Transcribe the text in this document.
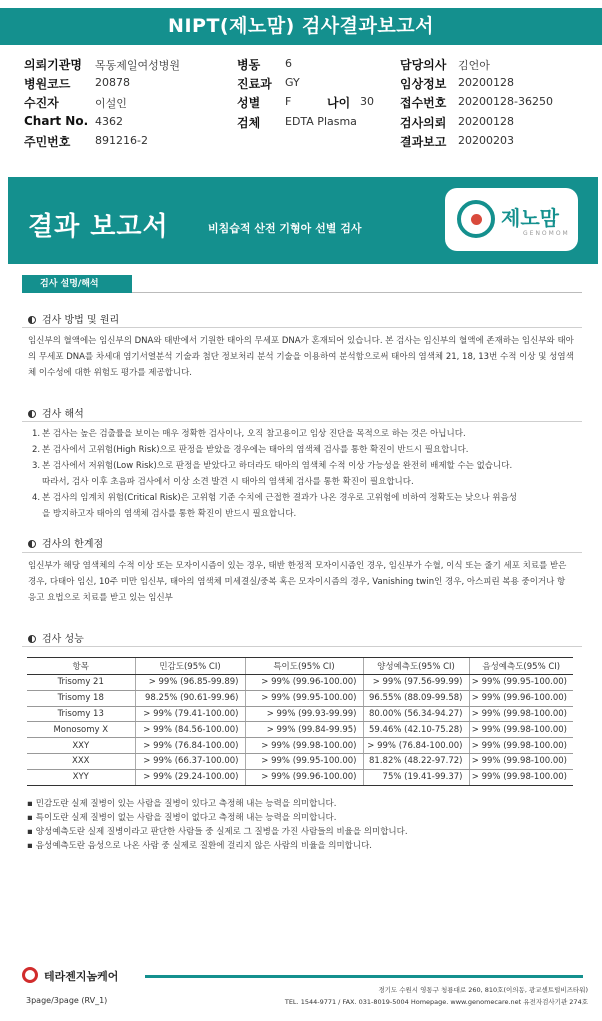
NIPT(제노맘) 검사결과보고서
의뢰기관명 목동제일여성병원
병원코드 20878
수진자	이설인
Chart No. 4362
주민번호 891216-2
병동 6
진료과 GY
성별 F
검체 EDTA Plasma
나이 30
담당의사 김언아
임상정보 20200128
접수번호 20200128-36250
검사의뢰 20200128
결과보고 20200203
결과 보고서	비침습적 산전 기형아 선별 검사	제노맘
GENOMOM
검사 설명/해석
검사 방법 및 원리
임신부의 혈액에는 임신부의 DNA와 태반에서 기원한 태아의 무세포 DNA가 혼재되어 있습니다. 본 검사는 임신부의 혈액에 존재하는 임신부와 태아의 무세포 DNA를 차세대 염기서열분석 기술과 첨단 정보처리 분석 기술을 이용하여 분석함으로써 태아의 염색체 21, 18, 13번 수적 이상 및 성염색체 이수성에 대한 위험도 평가를 제공합니다.
검사 해석
1. 본 검사는 높은 검출률을 보이는 매우 정확한 검사이나, 오직 참고용이고 임상 진단을 목적으로 하는 것은 아닙니다.
2. 본 검사에서 고위험(High Risk)으로 판정을 받았을 경우에는 태아의 염색체 검사를 통한 확진이 반드시 필요합니다.
3. 본 검사에서 저위험(Low Risk)으로 판정을 받았다고 하더라도 태아의 염색체 수적 이상 가능성을 완전히 배제할 수는 없습니다.
따라서, 검사 이후 초음파 검사에서 이상 소견 발견 시 태아의 염색체 검사를 통한 확진이 필요합니다.
4. 본 검사의 임계치 위험(Critical Risk)은 고위험 기준 수치에 근접한 결과가 나온 경우로 고위험에 비하여 정확도는 낮으나 위음성
을 방지하고자 태아의 염색체 검사를 통한 확진이 반드시 필요합니다.
검사의 한계점
임신부가 해당 염색체의 수적 이상 또는 모자이시즘이 있는 경우, 태반 한정적 모자이시즘인 경우, 임신부가 수혈, 이식 또는 줄기 세포 치료를 받은 경우, 다태아 임신, 10주 미만 임신부, 태아의 염색체 미세결실/중복 혹은 모자이시즘의 경우, Vanishing twin인 경우, 아스피린 복용 중이거나 항 응고 요법으로 치료를 받고 있는 임신부
검사 성능
항목	민감도(95% CI)	특이도(95% CI)	양성예측도(95% CI)	음성예측도(95% CI)
Trisomy 21	> 99% (96.85-99.89)	> 99% (99.96-100.00)	> 99% (97.56-99.99)	> 99% (99.95-100.00)
Trisomy 18	98.25% (90.61-99.96)	> 99% (99.95-100.00)	96.55% (88.09-99.58)	> 99% (99.96-100.00)
Trisomy 13	> 99% (79.41-100.00)	> 99% (99.93-99.99)	80.00% (56.34-94.27)	> 99% (99.98-100.00)
Monosomy X	> 99% (84.56-100.00)	> 99% (99.84-99.95)	59.46% (42.10-75.28)	> 99% (99.98-100.00)
XXY	> 99% (76.84-100.00)	> 99% (99.98-100.00)	> 99% (76.84-100.00)	> 99% (99.98-100.00)
XXX	> 99% (66.37-100.00)	> 99% (99.95-100.00)	81.82% (48.22-97.72)	> 99% (99.98-100.00)
XYY	> 99% (29.24-100.00)	> 99% (99.96-100.00)	75% (19.41-99.37)	> 99% (99.98-100.00)
▪ 민감도란 실제 질병이 있는 사람을 질병이 있다고 측정해 내는 능력을 의미합니다.
▪ 특이도란 실제 질병이 없는 사람을 질병이 없다고 측정해 내는 능력을 의미합니다.
▪ 양성예측도란 실제 질병이라고 판단한 사람들 중 실제로 그 질병을 가진 사람들의 비율을 의미합니다.
▪ 음성예측도란 음성으로 나온 사람 중 실제로 질환에 걸리지 않은 사람의 비율을 의미합니다.
테라젠지놈케어
3page/3page (RV_1)
경기도 수원시 영통구 청룡대로 260, 810호(이의동, 광교센트럴비즈타워)
TEL. 1544-9771 / FAX. 031-8019-5004 Homepage. www.genomecare.net 유전자검사기관 274호
